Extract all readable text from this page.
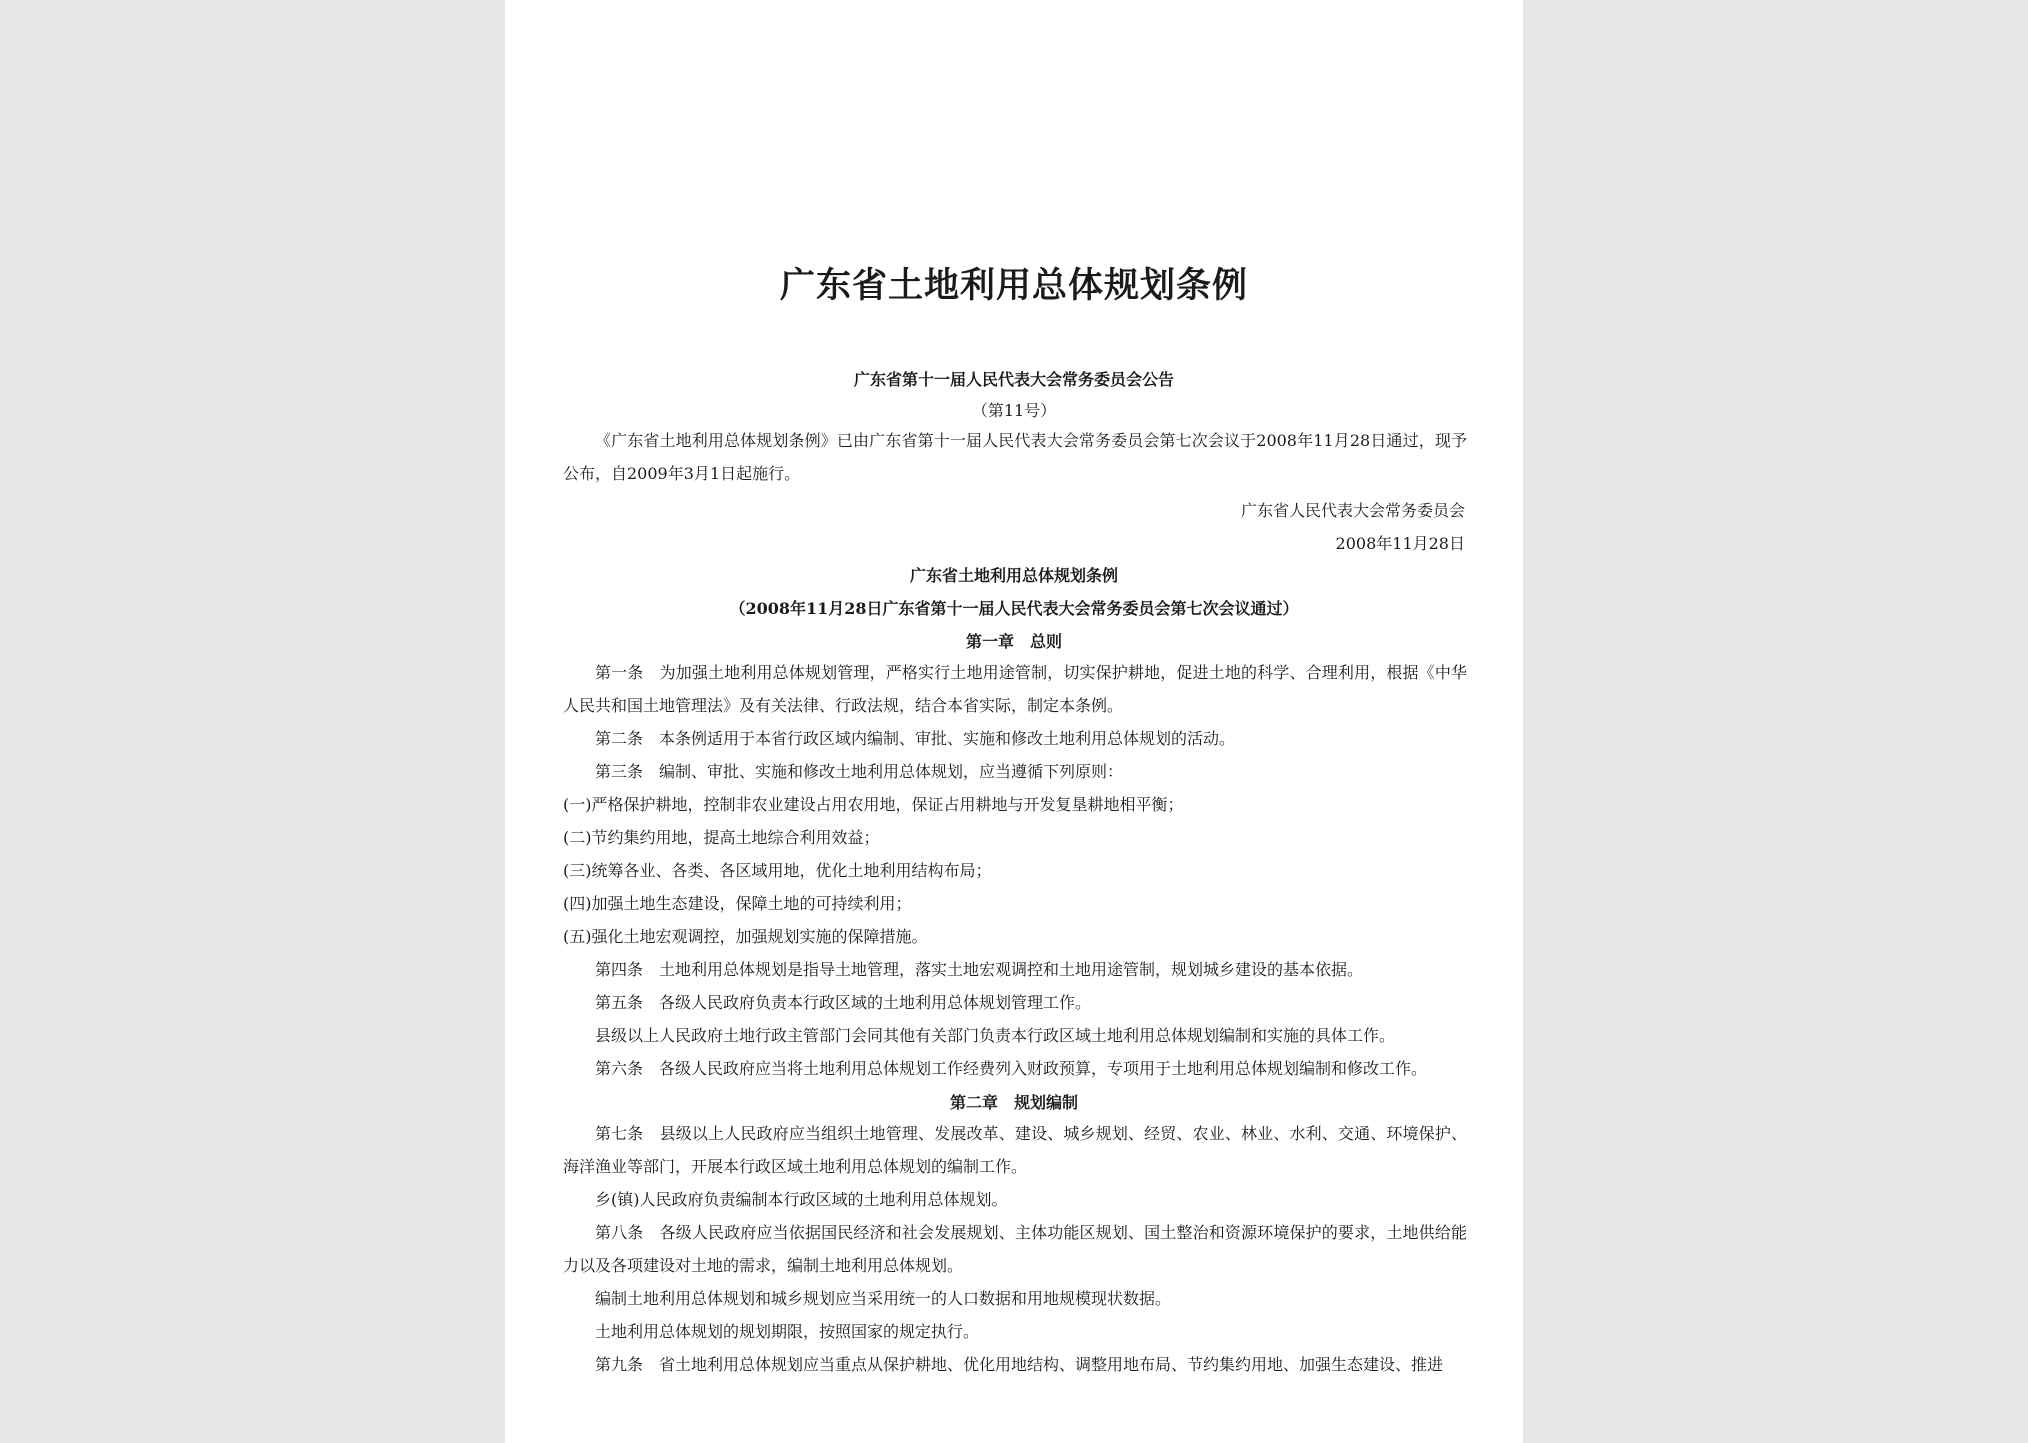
广东省土地利用总体规划条例
广东省第十一届人民代表大会常务委员会公告
（第11号）
《广东省土地利用总体规划条例》已由广东省第十一届人民代表大会常务委员会第七次会议于2008年11月28日通过，现予公布，自2009年3月1日起施行。
广东省人民代表大会常务委员会
2008年11月28日
广东省土地利用总体规划条例
（2008年11月28日广东省第十一届人民代表大会常务委员会第七次会议通过）
第一章　总则
第一条　为加强土地利用总体规划管理，严格实行土地用途管制，切实保护耕地，促进土地的科学、合理利用，根据《中华人民共和国土地管理法》及有关法律、行政法规，结合本省实际，制定本条例。
第二条　本条例适用于本省行政区域内编制、审批、实施和修改土地利用总体规划的活动。
第三条　编制、审批、实施和修改土地利用总体规划，应当遵循下列原则：
(一)严格保护耕地，控制非农业建设占用农用地，保证占用耕地与开发复垦耕地相平衡；
(二)节约集约用地，提高土地综合利用效益；
(三)统筹各业、各类、各区域用地，优化土地利用结构布局；
(四)加强土地生态建设，保障土地的可持续利用；
(五)强化土地宏观调控，加强规划实施的保障措施。
第四条　土地利用总体规划是指导土地管理，落实土地宏观调控和土地用途管制，规划城乡建设的基本依据。
第五条　各级人民政府负责本行政区域的土地利用总体规划管理工作。
县级以上人民政府土地行政主管部门会同其他有关部门负责本行政区域土地利用总体规划编制和实施的具体工作。
第六条　各级人民政府应当将土地利用总体规划工作经费列入财政预算，专项用于土地利用总体规划编制和修改工作。
第二章　规划编制
第七条　县级以上人民政府应当组织土地管理、发展改革、建设、城乡规划、经贸、农业、林业、水利、交通、环境保护、海洋渔业等部门，开展本行政区域土地利用总体规划的编制工作。
乡(镇)人民政府负责编制本行政区域的土地利用总体规划。
第八条　各级人民政府应当依据国民经济和社会发展规划、主体功能区规划、国土整治和资源环境保护的要求，土地供给能力以及各项建设对土地的需求，编制土地利用总体规划。
编制土地利用总体规划和城乡规划应当采用统一的人口数据和用地规模现状数据。
土地利用总体规划的规划期限，按照国家的规定执行。
第九条　省土地利用总体规划应当重点从保护耕地、优化用地结构、调整用地布局、节约集约用地、加强生态建设、推进
